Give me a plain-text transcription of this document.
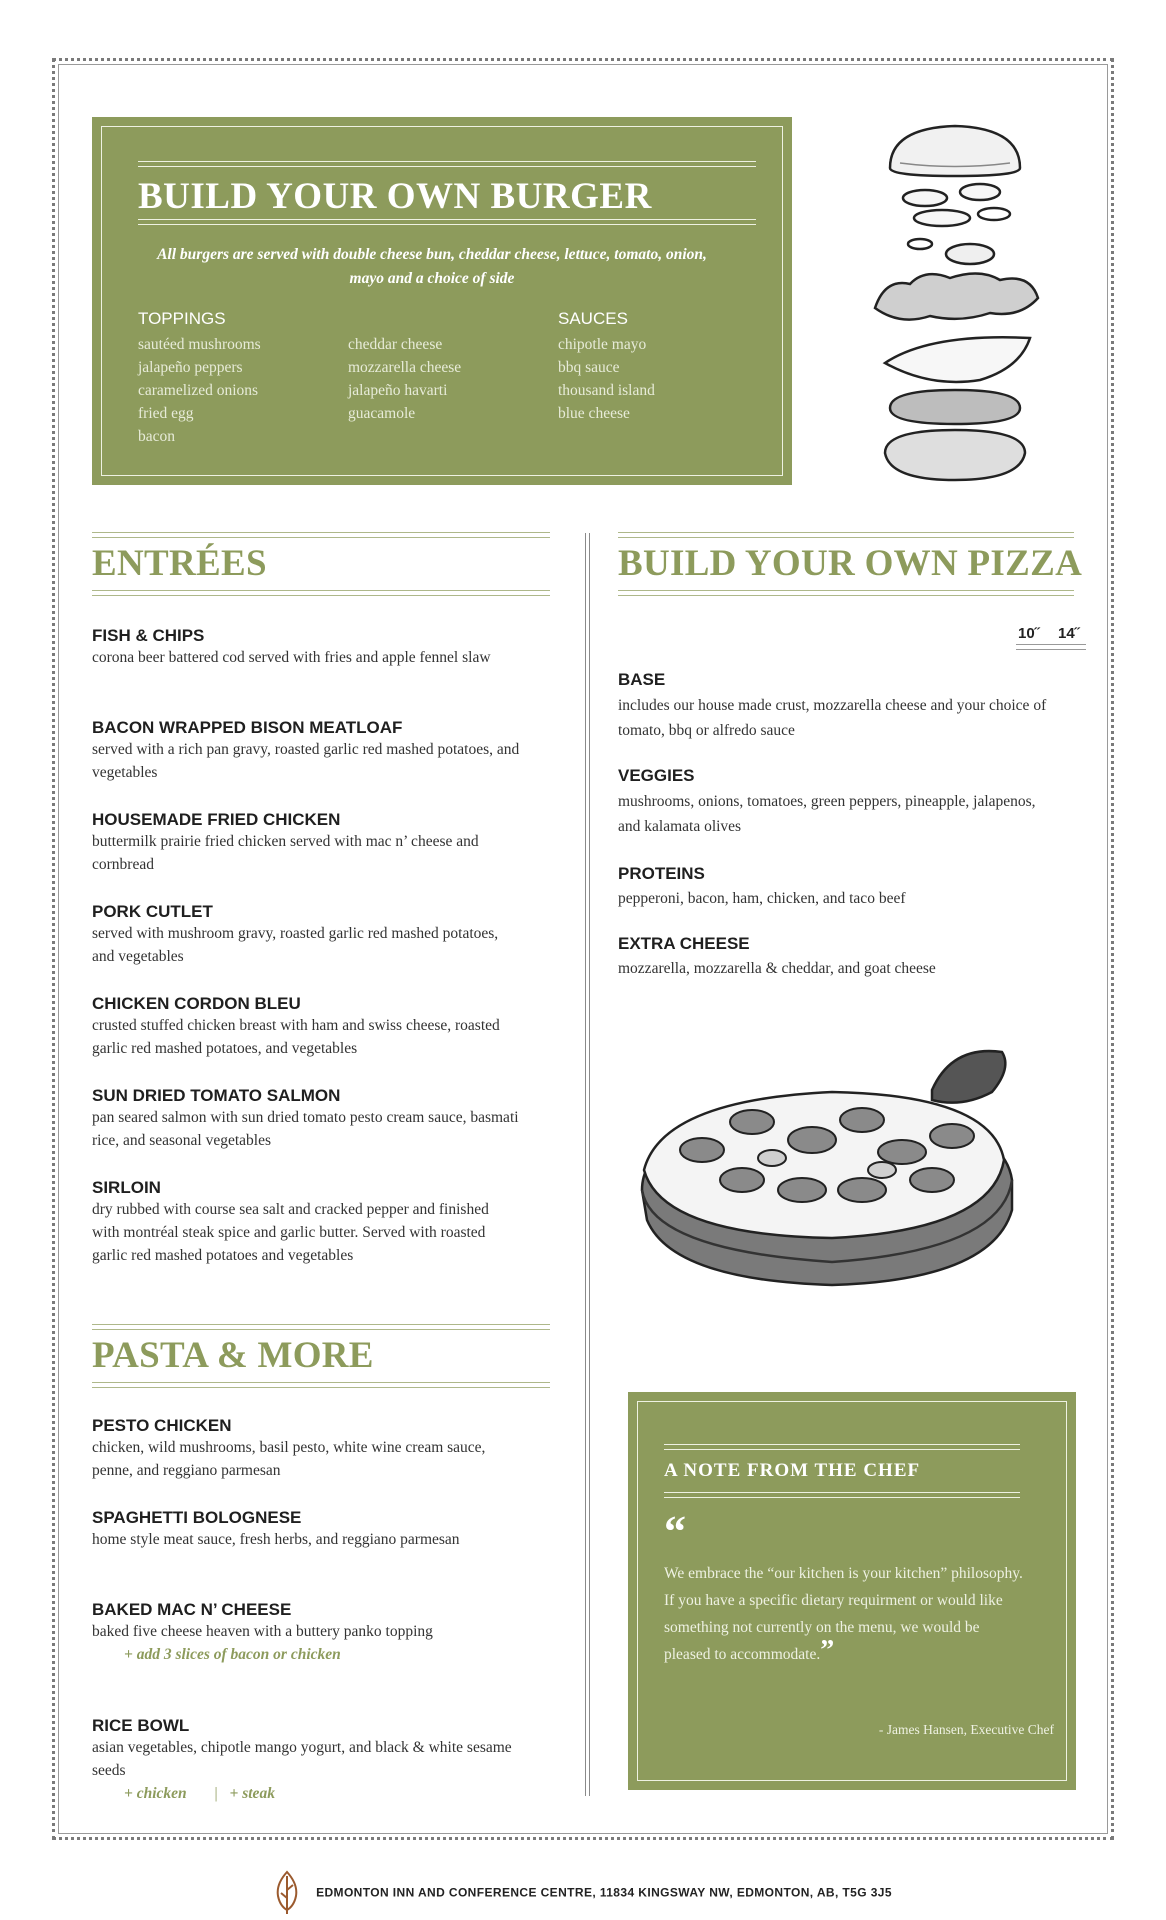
BUILD YOUR OWN BURGER

All burgers are served with double cheese bun, cheddar cheese, lettuce, tomato, onion, mayo and a choice of side

TOPPINGS
sautéed mushrooms
jalapeño peppers
caramelized onions
fried egg
bacon
cheddar cheese
mozzarella cheese
jalapeño havarti
guacamole
SAUCES
chipotle mayo
bbq sauce
thousand island
blue cheese
ENTRÉES
FISH & CHIPS

corona beer battered cod served with fries and apple fennel slaw

BACON WRAPPED BISON MEATLOAF

served with a rich pan gravy, roasted garlic red mashed potatoes, and vegetables

HOUSEMADE FRIED CHICKEN

buttermilk prairie fried chicken served with mac n’ cheese and cornbread

PORK CUTLET

served with mushroom gravy, roasted garlic red mashed potatoes, and vegetables

CHICKEN CORDON BLEU

crusted stuffed chicken breast with ham and swiss cheese, roasted garlic red mashed potatoes, and vegetables

SUN DRIED TOMATO SALMON

pan seared salmon with sun dried tomato pesto cream sauce, basmati rice, and seasonal vegetables

SIRLOIN

dry rubbed with course sea salt and cracked pepper and finished with montréal steak spice and garlic butter. Served with roasted garlic red mashed potatoes and vegetables

PASTA & MORE
PESTO CHICKEN

chicken, wild mushrooms, basil pesto, white wine cream sauce, penne, and reggiano parmesan

SPAGHETTI BOLOGNESE

home style meat sauce, fresh herbs, and reggiano parmesan

BAKED MAC N’ CHEESE

baked five cheese heaven with a buttery panko topping

+ add 3 slices of bacon or chicken
RICE BOWL

asian vegetables, chipotle mango yogurt, and black & white sesame seeds

+ chicken | + steak
BUILD YOUR OWN PIZZA
10˝ 14˝
BASE

includes our house made crust, mozzarella cheese and your choice of tomato, bbq or alfredo sauce

VEGGIES

mushrooms, onions, tomatoes, green peppers, pineapple, jalapenos, and kalamata olives

PROTEINS

pepperoni, bacon, ham, chicken, and taco beef

EXTRA CHEESE

mozzarella, mozzarella & cheddar, and goat cheese

A NOTE FROM THE CHEF
“

We embrace the “our kitchen is your kitchen” philosophy. If you have a specific dietary requirment or would like something not currently on the menu, we would be pleased to accommodate.”

- James Hansen, Executive Chef
EDMONTON INN AND CONFERENCE CENTRE, 11834 KINGSWAY NW, EDMONTON, AB, T5G 3J5
